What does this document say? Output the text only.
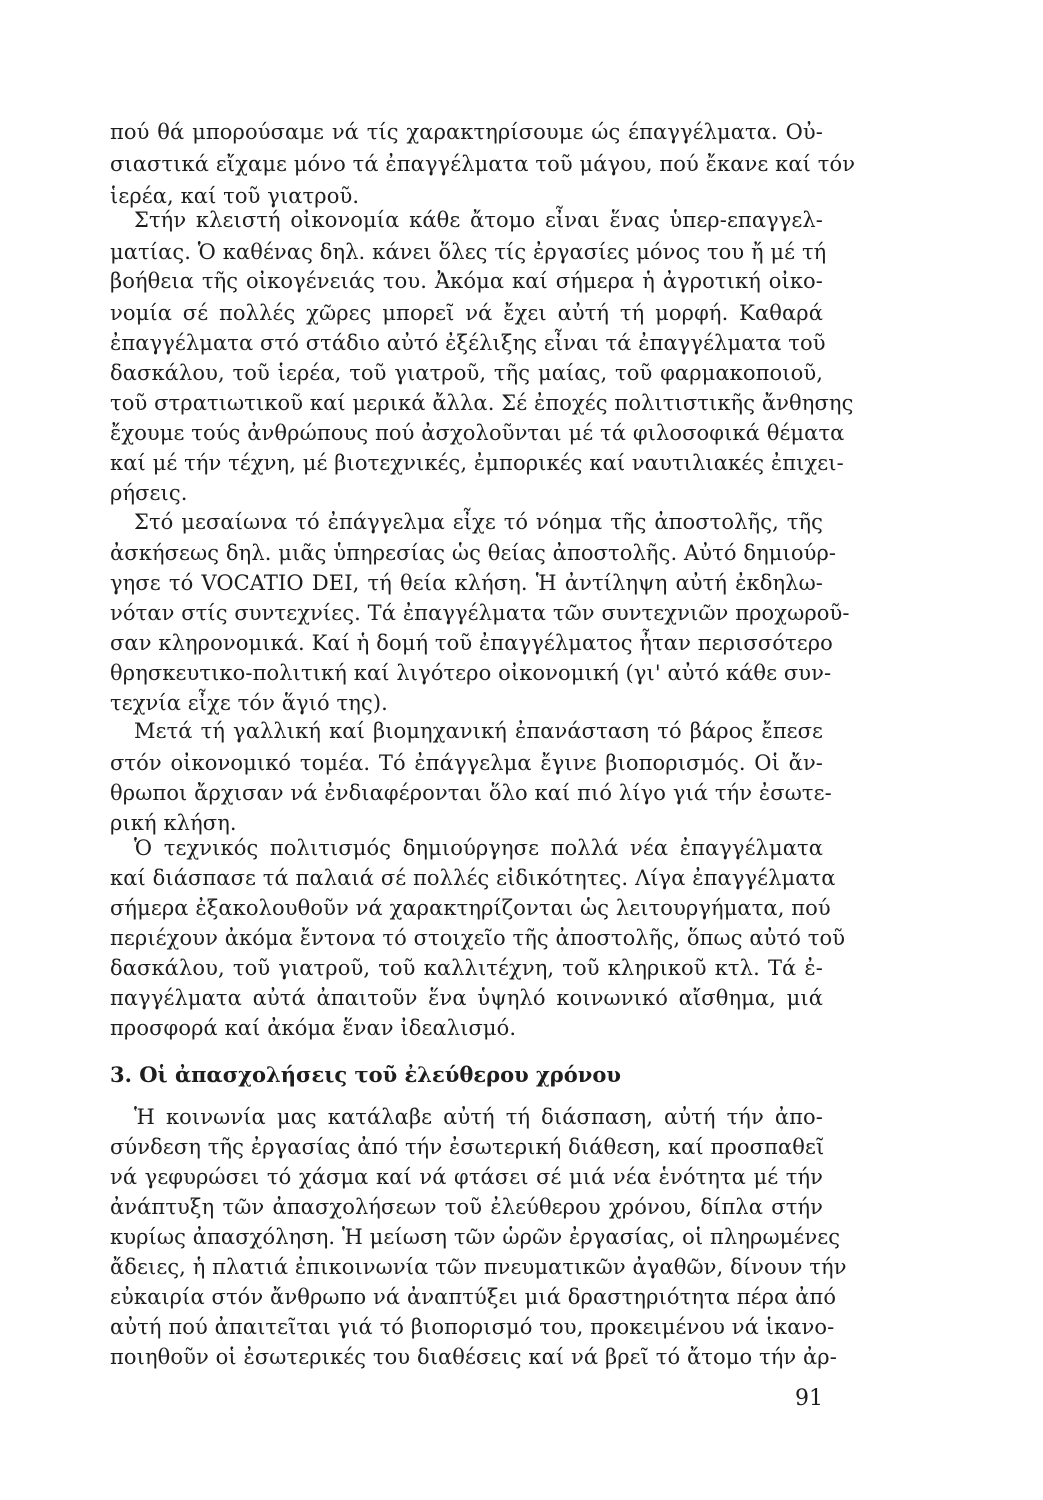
πού θά μπορούσαμε νά τίς χαρακτηρίσουμε ώς έπαγγέλματα. Οὐ-
σιαστικά εἴχαμε μόνο τά ἐπαγγέλματα τοῦ μάγου, πού ἔκανε καί τόν
ἱερέα, καί τοῦ γιατροῦ.
Στήν κλειστή οἰκονομία κάθε ἄτομο εἶναι ἕνας ὑπερ-επαγγελ-
ματίας. Ὁ καθένας δηλ. κάνει ὅλες τίς ἐργασίες μόνος του ἤ μέ τή
βοήθεια τῆς οἰκογένειάς του. Ἀκόμα καί σήμερα ἡ ἀγροτική οἰκο-
νομία σέ πολλές χῶρες μπορεῖ νά ἔχει αὐτή τή μορφή. Καθαρά
ἐπαγγέλματα στό στάδιο αὐτό ἐξέλιξης εἶναι τά ἐπαγγέλματα τοῦ
δασκάλου, τοῦ ἱερέα, τοῦ γιατροῦ, τῆς μαίας, τοῦ φαρμακοποιοῦ,
τοῦ στρατιωτικοῦ καί μερικά ἄλλα. Σέ ἐποχές πολιτιστικῆς ἄνθησης
ἔχουμε τούς ἀνθρώπους πού ἀσχολοῦνται μέ τά φιλοσοφικά θέματα
καί μέ τήν τέχνη, μέ βιοτεχνικές, ἐμπορικές καί ναυτιλιακές ἐπιχει-
ρήσεις.
Στό μεσαίωνα τό ἐπάγγελμα εἶχε τό νόημα τῆς ἀποστολῆς, τῆς
ἀσκήσεως δηλ. μιᾶς ὑπηρεσίας ὡς θείας ἀποστολῆς. Αὐτό δημιούρ-
γησε τό VOCATIO DEI, τή θεία κλήση. Ἡ ἀντίληψη αὐτή ἐκδηλω-
νόταν στίς συντεχνίες. Τά ἐπαγγέλματα τῶν συντεχνιῶν προχωροῦ-
σαν κληρονομικά. Καί ἡ δομή τοῦ ἐπαγγέλματος ἦταν περισσότερο
θρησκευτικο-πολιτική καί λιγότερο οἰκονομική (γι' αὐτό κάθε συν-
τεχνία εἶχε τόν ἅγιό της).
Μετά τή γαλλική καί βιομηχανική ἐπανάσταση τό βάρος ἔπεσε
στόν οἰκονομικό τομέα. Τό ἐπάγγελμα ἔγινε βιοπορισμός. Οἱ ἄν-
θρωποι ἄρχισαν νά ἐνδιαφέρονται ὅλο καί πιό λίγο γιά τήν ἐσωτε-
ρική κλήση.
Ὁ τεχνικός πολιτισμός δημιούργησε πολλά νέα ἐπαγγέλματα
καί διάσπασε τά παλαιά σέ πολλές εἰδικότητες. Λίγα ἐπαγγέλματα
σήμερα ἐξακολουθοῦν νά χαρακτηρίζονται ὡς λειτουργήματα, πού
περιέχουν ἀκόμα ἔντονα τό στοιχεῖο τῆς ἀποστολῆς, ὅπως αὐτό τοῦ
δασκάλου, τοῦ γιατροῦ, τοῦ καλλιτέχνη, τοῦ κληρικοῦ κτλ. Τά ἐ-
παγγέλματα αὐτά ἀπαιτοῦν ἕνα ὑψηλό κοινωνικό αἴσθημα, μιά
προσφορά καί ἀκόμα ἕναν ἰδεαλισμό.
3. Οἱ ἀπασχολήσεις τοῦ ἐλεύθερου χρόνου
Ἡ κοινωνία μας κατάλαβε αὐτή τή διάσπαση, αὐτή τήν ἀπο-
σύνδεση τῆς ἐργασίας ἀπό τήν ἐσωτερική διάθεση, καί προσπαθεῖ
νά γεφυρώσει τό χάσμα καί νά φτάσει σέ μιά νέα ἑνότητα μέ τήν
ἀνάπτυξη τῶν ἀπασχολήσεων τοῦ ἐλεύθερου χρόνου, δίπλα στήν
κυρίως ἀπασχόληση. Ἡ μείωση τῶν ὡρῶν ἐργασίας, οἱ πληρωμένες
ἄδειες, ἡ πλατιά ἐπικοινωνία τῶν πνευματικῶν ἀγαθῶν, δίνουν τήν
εὐκαιρία στόν ἄνθρωπο νά ἀναπτύξει μιά δραστηριότητα πέρα ἀπό
αὐτή πού ἀπαιτεῖται γιά τό βιοπορισμό του, προκειμένου νά ἱκανο-
ποιηθοῦν οἱ ἐσωτερικές του διαθέσεις καί νά βρεῖ τό ἄτομο τήν ἀρ-
91
